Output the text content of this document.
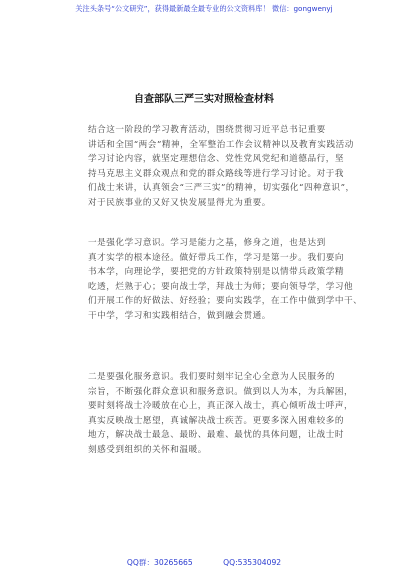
关注头条号“公文研究”，获得最新最全最专业的公文资料库！ 微信：gongwenyj
自查部队三严三实对照检查材料
结合这一阶段的学习教育活动，围绕贯彻习近平总书记重要
讲话和全国“两会”精神，全军整治工作会议精神以及教育实践活动
学习讨论内容，就坚定理想信念、党性党风党纪和道德品行，坚
持马克思主义群众观点和党的群众路线等进行学习讨论。对于我
们战士来讲，认真领会“三严三实”的精神，切实强化“四种意识”，
对于民族事业的又好又快发展显得尤为重要。
一是强化学习意识。学习是能力之基，修身之道，也是达到
真才实学的根本途径。做好带兵工作，学习是第一步。我们要向
书本学，向理论学，要把党的方针政策特别是以情带兵政策学精
吃透，烂熟于心；要向战士学，拜战士为师；要向领导学，学习他
们开展工作的好做法、好经验；要向实践学，在工作中做到学中干、
干中学，学习和实践相结合，做到融会贯通。
二是要强化服务意识。我们要时刻牢记全心全意为人民服务的
宗旨，不断强化群众意识和服务意识。做到以人为本，为兵解困，
要时刻将战士冷暖放在心上，真正深入战士，真心倾听战士呼声，
真实反映战士愿望，真诚解决战士疾苦。更要多深入困难较多的
地方，解决战士最急、最盼、最难、最忧的具体问题，让战士时
刻感受到组织的关怀和温暖。
QQ群：30265665	QQ:535304092
